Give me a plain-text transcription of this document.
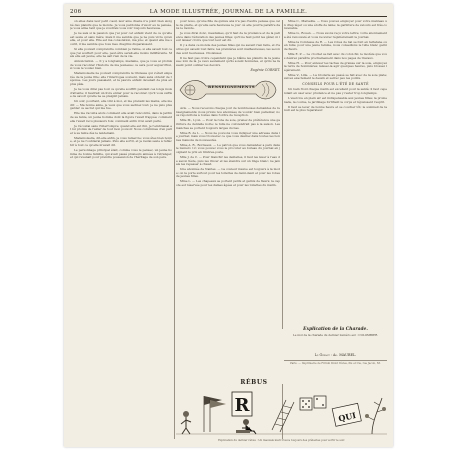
206	LA MODE ILLUSTRÉE, JOURNAL DE LA FAMILLE.

on elles dans leur petit cœur, leur ame chaste n'a point bien éloigné des plaisirs que le monde. Je vous pardonne d'avoir eu la pensée, je vous aime tant que je voudrais vous voir toujours heureuse.

Je ne sais si la passion que j'ai pour cet enfant vient de ce qu'elle est seule et sans mère; mais il me semble que je ne puis vivre qu'en elle, et pour elle. Elle est ma consolation, ma joie; et quand elle me sourit, il me semble que tous mes chagrins disparaissent.

Si elle pouvait comprendre combien je l'aime, si elle savait tout ce que j'ai souffert pour elle, peut-être serait-elle moins indifférente. Mais elle est jeune, elle ne sait rien de la vie.

Annonciation. — Il y a longtemps, madame, que je vous ai promis de vous raconter l'histoire de ma jeunesse; ce sera pour aujourd'hui, si vous le voulez bien.

Mademoiselle ne pouvait comprendre la tristesse qui s'était emparée de la jeune fille; elle l'interrogea souvent, mais sans obtenir de réponse. Les jours passaient, et la pauvre enfant devenait de plus en plus pâle.

Je ne vous dirai pas tout ce qu'elle souffrit pendant ces longs mois d'attente; il faudrait un livre entier pour le raconter. Qu'il vous suffise de savoir qu'elle ne se plaignit jamais.

Un soir, pourtant, elle vint à moi, et me prenant les mains, elle me dit: — Ma bonne amie, je veux que vous sachiez tout; je ne puis plus garder ce secret qui me tue.

Elle me raconta alors comment elle avait rencontré, dans le jardin de sa tante, un jeune homme dont la figure l'avait frappée; comment elle l'avait revu plusieurs fois; comment enfin il lui avait parlé.

Je l'écoutai sans l'interrompre; quand elle eut fini, je l'embrassai et lui promis de l'aider de tout mon pouvoir. Nous convînmes d'en parler à sa tante dès le lendemain.

Mademoiselle, dit-elle enfin, je vous remercie; vous êtes bien bonne, et je ne l'oublierai jamais. Puis elle sortit, et je restai seule à réfléchir à tout ce qu'elle m'avait dit.

Le personnage principal était, comme vous le pensez, un jeune homme de bonne famille, qui avait passé plusieurs années à l'étranger, et qui revenait pour prendre possession de l'héritage de son père.

pour nous, qu'une fille de quinze ans n'a pas d'autre pensée que celle de plaire, et qu'elle sera heureuse le jour où elle pourra paraître dans le monde.

Je vous dirai donc, mesdames, qu'il faut de la prudence et de la patience dans l'éducation des jeunes filles; qu'il ne faut point les gâter, ni leur laisser croire que tout leur est dû.

Il y a dans ce monde des jeunes filles qui ne savent rien faire, et d'autres qui savent tout faire; les premières sont malheureuses, les secondes sont heureuses. Choisissez.

Il ne faut pas croire cependant que je blâme les plaisirs de la jeunesse; loin de là. Je veux seulement qu'ils soient honnêtes, et qu'ils ne fassent point oublier les devoirs.

Eugénie CORNET.
RENSEIGNEMENTS

Avis. — Nous recevons chaque jour de nombreuses demandes de renseignements; nous prions nos abonnées de vouloir bien patienter, nous répondrons à toutes dans l'ordre de réception.

Mlle M., Lyon. — Pour la robe de soie, prenez de préférence une garniture de dentelle noire; le tulle ne conviendrait pas à la saison. Les manches se portent toujours larges du bas.

Mme B. de L. — Nous ne pouvons vous indiquer une adresse dans le journal; mais vous trouverez ce que vous désirez dans toutes les bonnes maisons de nouveautés.

Mme A. R., Bordeaux. — Le patron que vous demandez a paru dans le numéro 12; vous pouvez vous le procurer au bureau du journal en joignant le prix en timbres-poste.

Mlle J. de C. — Pour blanchir les dentelles, il faut les laver à l'eau de savon tiède, puis les rincer et les étendre sur un linge blanc; ne jamais les repasser à chaud.

Une abonnée de Nantes. — La couleur mauve est toujours à la mode; on la porte surtout pour les toilettes de demi-deuil et pour les robes de jeunes filles.

Mme L. — Les chapeaux se portent petits et garnis de fleurs; la capote est réservée pour les dames âgées et pour les toilettes du matin.

Mme C., Marseille. — Vous pouvez employer pour votre manteau un drap léger ou une étoffe de laine; la garniture de velours est très-convenable.

Mme G., Rouen. — Nous avons reçu votre lettre; votre abonnement a été renouvelé et vous recevrez régulièrement le journal.

Mme la Comtesse de R. — Les robes de bal se font en tarlatane ou en tulle; pour une jeune femme, nous conseillons le tulle blanc garni de fleurs.

Mlle E. P. — Le crochet se fait avec du coton fin; le modèle que vous désirez paraîtra prochainement dans nos pages de travaux.

Mme H. — Pour enlever les taches de graisse sur la soie, employez la terre de Sommières; laissez-la agir quelques heures, puis brossez légèrement.

Mme V., Lille. — La broderie au passé se fait avec de la soie plate; suivez exactement le dessin et serrez peu les points.

CONSEILS POUR L'ÉTÉ DE SANTÉ

Un bain froid chaque matin est excellent pour la santé; il faut cependant en user avec prudence et ne pas y rester trop longtemps.

L'exercice en plein air est indispensable aux jeunes filles; la promenade, la course, le jardinage fortifient le corps et réjouissent l'esprit.

Il faut se lever de bonne heure et se coucher tôt; le sommeil de la nuit est le plus réparateur.

Explication de la Charade.
Le mot de la charade du dernier numéro est : COLOMBIER.
Le Gérant : Ad. MAUBEL.
Paris. — Imprimerie de Firmin Didot frères, fils et Cie, rue Jacob, 56.
RÉBUS
R
QUI
Explication du dernier rébus : Un mauvais mari trouve toujours des prétextes pour sortir le soir.
